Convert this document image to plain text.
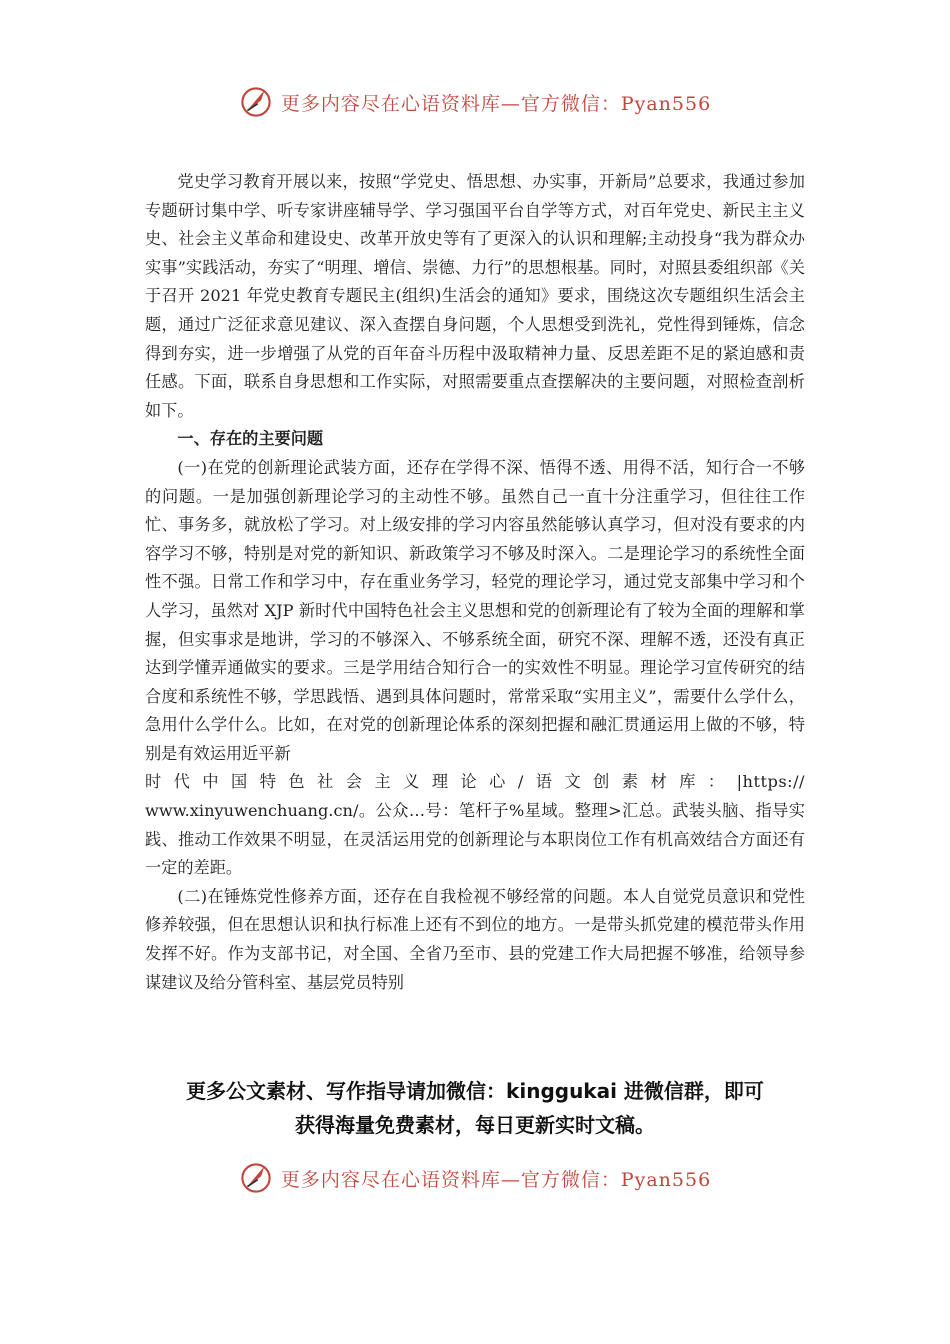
更多内容尽在心语资料库—官方微信：Pyan556

党史学习教育开展以来，按照“学党史、悟思想、办实事，开新局”总要求，我通过参加专题研讨集中学、听专家讲座辅导学、学习强国平台自学等方式，对百年党史、新民主主义史、社会主义革命和建设史、改革开放史等有了更深入的认识和理解;主动投身“我为群众办实事”实践活动，夯实了“明理、增信、崇德、力行”的思想根基。同时，对照县委组织部《关于召开 2021 年党史教育专题民主(组织)生活会的通知》要求，围绕这次专题组织生活会主题，通过广泛征求意见建议、深入查摆自身问题，个人思想受到洗礼，党性得到锤炼，信念得到夯实，进一步增强了从党的百年奋斗历程中汲取精神力量、反思差距不足的紧迫感和责任感。下面，联系自身思想和工作实际，对照需要重点查摆解决的主要问题，对照检查剖析如下。

一、存在的主要问题

(一)在党的创新理论武装方面，还存在学得不深、悟得不透、用得不活，知行合一不够的问题。一是加强创新理论学习的主动性不够。虽然自己一直十分注重学习，但往往工作忙、事务多，就放松了学习。对上级安排的学习内容虽然能够认真学习，但对没有要求的内容学习不够，特别是对党的新知识、新政策学习不够及时深入。二是理论学习的系统性全面性不强。日常工作和学习中，存在重业务学习，轻党的理论学习，通过党支部集中学习和个人学习，虽然对 XJP 新时代中国特色社会主义思想和党的创新理论有了较为全面的理解和掌握，但实事求是地讲，学习的不够深入、不够系统全面，研究不深、理解不透，还没有真正达到学懂弄通做实的要求。三是学用结合知行合一的实效性不明显。理论学习宣传研究的结合度和系统性不够，学思践悟、遇到具体问题时，常常采取“实用主义”，需要什么学什么，急用什么学什么。比如，在对党的创新理论体系的深刻把握和融汇贯通运用上做的不够，特别是有效运用近平新

时代中国特色社会主义理论心/语文创素材库：|https://

www.xinyuwenchuang.cn/。公众…号：笔杆子%星域。整理>汇总。武装头脑、指导实践、推动工作效果不明显，在灵活运用党的创新理论与本职岗位工作有机高效结合方面还有一定的差距。

(二)在锤炼党性修养方面，还存在自我检视不够经常的问题。本人自觉党员意识和党性修养较强，但在思想认识和执行标准上还有不到位的地方。一是带头抓党建的模范带头作用发挥不好。作为支部书记，对全国、全省乃至市、县的党建工作大局把握不够准，给领导参谋建议及给分管科室、基层党员特别

更多公文素材、写作指导请加微信：kinggukai 进微信群，即可
获得海量免费素材，每日更新实时文稿。
更多内容尽在心语资料库—官方微信：Pyan556
